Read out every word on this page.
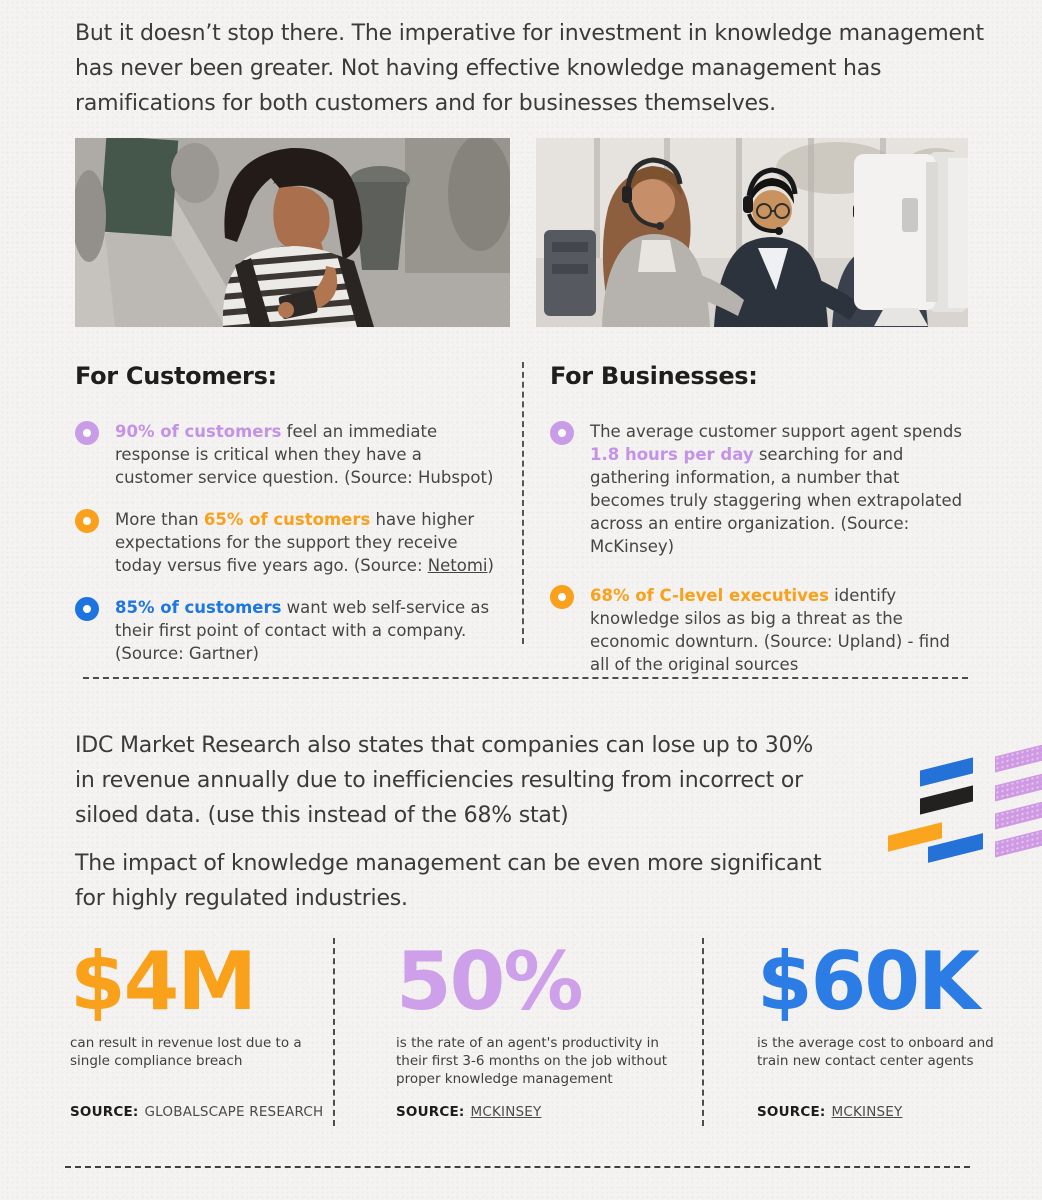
But it doesn’t stop there. The imperative for investment in knowledge management
has never been greater. Not having effective knowledge management has
ramifications for both customers and for businesses themselves.
For Customers:
90% of customers feel an immediate response is critical when they have a customer service question. (Source: Hubspot)
More than 65% of customers have higher expectations for the support they receive today versus five years ago. (Source: Netomi)
85% of customers want web self-service as their first point of contact with a company. (Source: Gartner)
For Businesses:
The average customer support agent spends 1.8 hours per day searching for and gathering information, a number that becomes truly staggering when extrapolated across an entire organization. (Source: McKinsey)
68% of C-level executives identify knowledge silos as big a threat as the economic downturn. (Source: Upland) - find all of the original sources
IDC Market Research also states that companies can lose up to 30%
in revenue annually due to inefficiencies resulting from incorrect or
siloed data. (use this instead of the 68% stat)
The impact of knowledge management can be even more significant
for highly regulated industries.
$4M
can result in revenue lost due to a single compliance breach
SOURCE: GLOBALSCAPE RESEARCH
50%
is the rate of an agent's productivity in their first 3-6 months on the job without proper knowledge management
SOURCE: MCKINSEY
$60K
is the average cost to onboard and train new contact center agents
SOURCE: MCKINSEY
